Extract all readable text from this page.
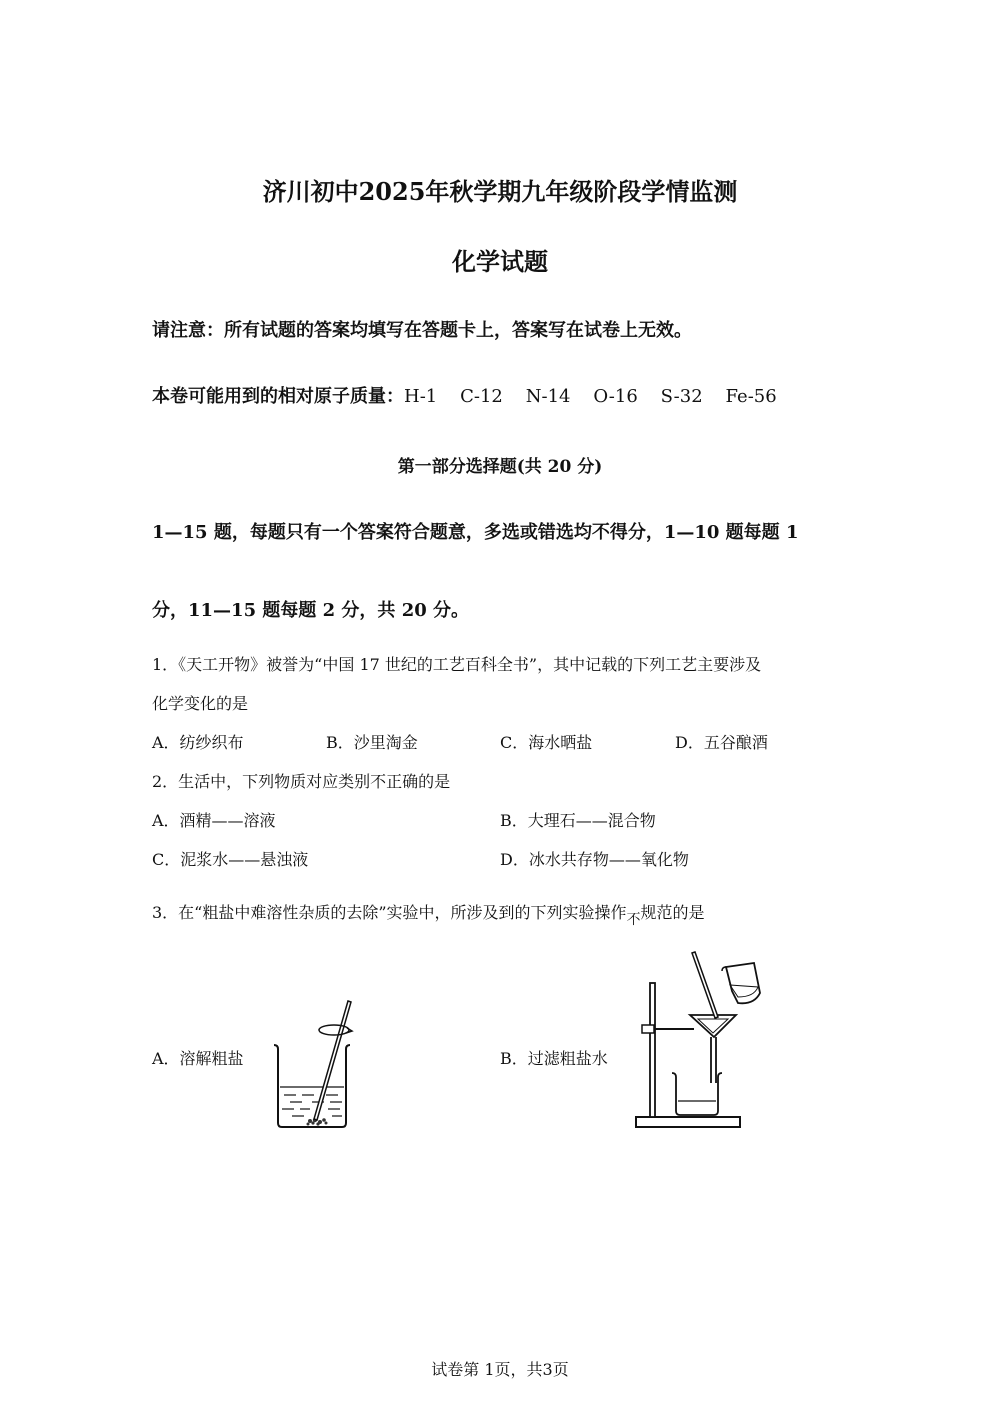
济川初中2025年秋学期九年级阶段学情监测
化学试题
请注意：所有试题的答案均填写在答题卡上，答案写在试卷上无效。
本卷可能用到的相对原子质量：H-1    C-12    N-14    O-16    S-32    Fe-56
第一部分选择题(共 20 分)
1—15 题，每题只有一个答案符合题意，多选或错选均不得分，1—10 题每题 1
分，11—15 题每题 2 分，共 20 分。
1．《天工开物》被誉为“中国 17 世纪的工艺百科全书”，其中记载的下列工艺主要涉及
化学变化的是
A．纺纱织布	B．沙里淘金	C．海水晒盐	D．五谷酿酒
2．生活中，下列物质对应类别不正确的是
A．酒精——溶液	B．大理石——混合物
C．泥浆水——悬浊液	D．冰水共存物——氧化物
3．在“粗盐中难溶性杂质的去除”实验中，所涉及到的下列实验操作不规范的是
A．溶解粗盐	B．过滤粗盐水
试卷第 1页，共3页
